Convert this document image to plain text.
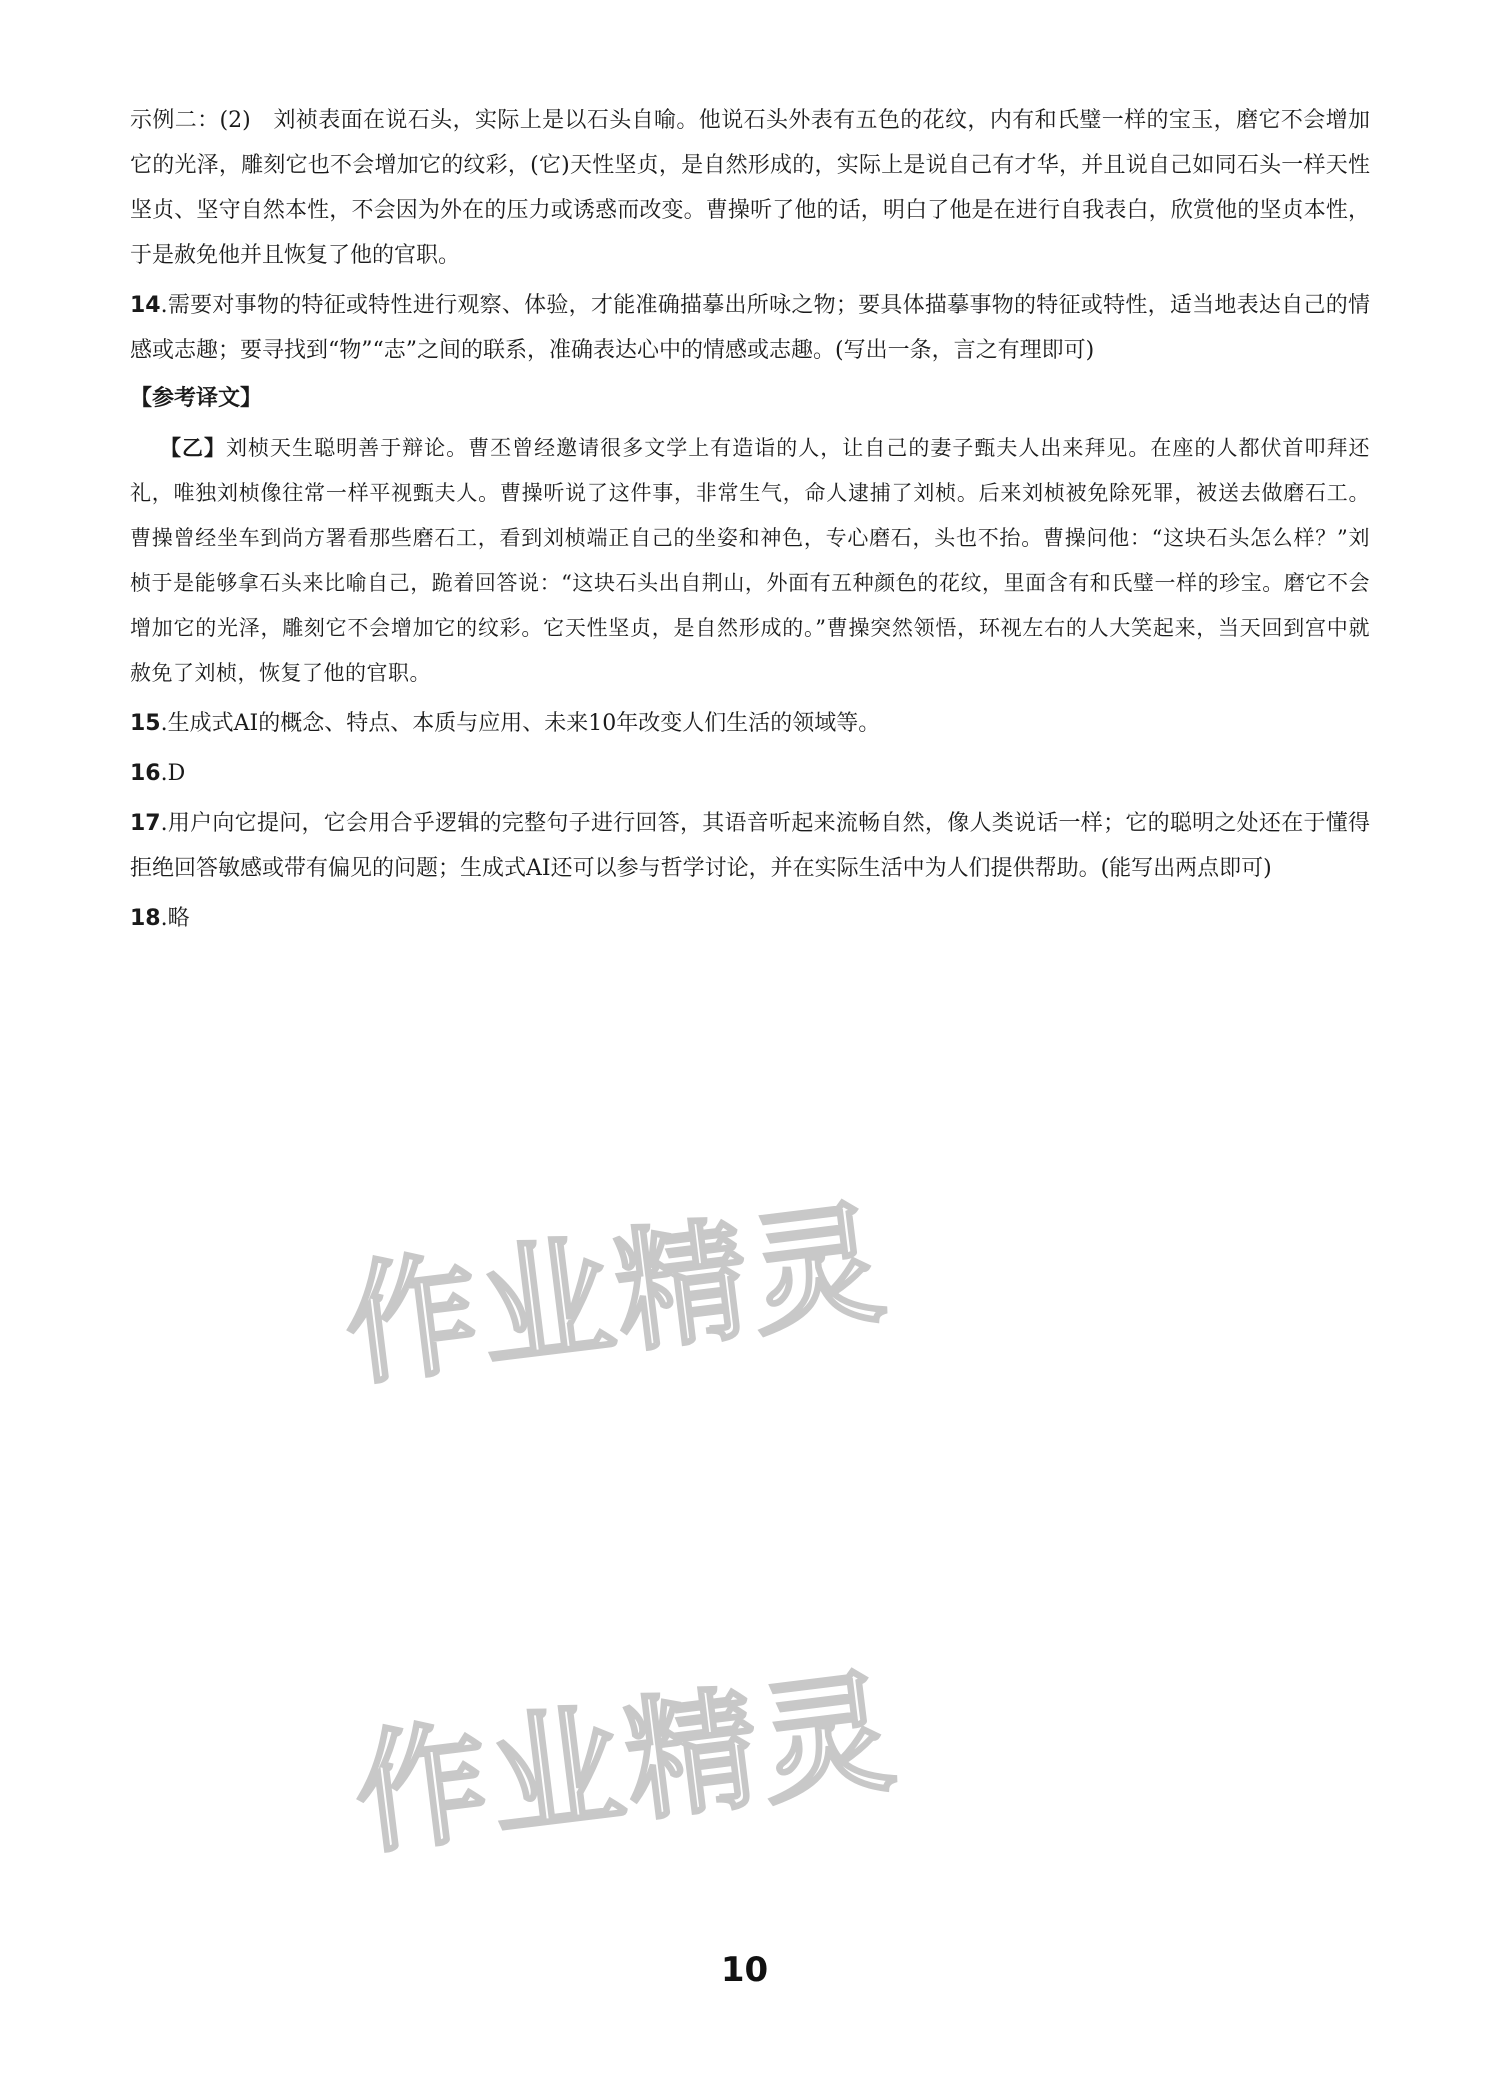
示例二：(2)　刘祯表面在说石头，实际上是以石头自喻。他说石头外表有五色的花纹，内有和氏璧一样的宝玉，磨它不会增加它的光泽，雕刻它也不会增加它的纹彩，(它)天性坚贞，是自然形成的，实际上是说自己有才华，并且说自己如同石头一样天性坚贞、坚守自然本性，不会因为外在的压力或诱惑而改变。曹操听了他的话，明白了他是在进行自我表白，欣赏他的坚贞本性，于是赦免他并且恢复了他的官职。

14.需要对事物的特征或特性进行观察、体验，才能准确描摹出所咏之物；要具体描摹事物的特征或特性，适当地表达自己的情感或志趣；要寻找到“物”“志”之间的联系，准确表达心中的情感或志趣。(写出一条，言之有理即可)

【参考译文】

【乙】刘桢天生聪明善于辩论。曹丕曾经邀请很多文学上有造诣的人，让自己的妻子甄夫人出来拜见。在座的人都伏首叩拜还礼，唯独刘桢像往常一样平视甄夫人。曹操听说了这件事，非常生气，命人逮捕了刘桢。后来刘桢被免除死罪，被送去做磨石工。曹操曾经坐车到尚方署看那些磨石工，看到刘桢端正自己的坐姿和神色，专心磨石，头也不抬。曹操问他：“这块石头怎么样？”刘桢于是能够拿石头来比喻自己，跪着回答说：“这块石头出自荆山，外面有五种颜色的花纹，里面含有和氏璧一样的珍宝。磨它不会增加它的光泽，雕刻它不会增加它的纹彩。它天性坚贞，是自然形成的。”曹操突然领悟，环视左右的人大笑起来，当天回到宫中就赦免了刘桢，恢复了他的官职。

15.生成式AI的概念、特点、本质与应用、未来10年改变人们生活的领域等。

16.D

17.用户向它提问，它会用合乎逻辑的完整句子进行回答，其语音听起来流畅自然，像人类说话一样；它的聪明之处还在于懂得拒绝回答敏感或带有偏见的问题；生成式AI还可以参与哲学讨论，并在实际生活中为人们提供帮助。(能写出两点即可)

18.略

作业精灵
作业精灵
10
